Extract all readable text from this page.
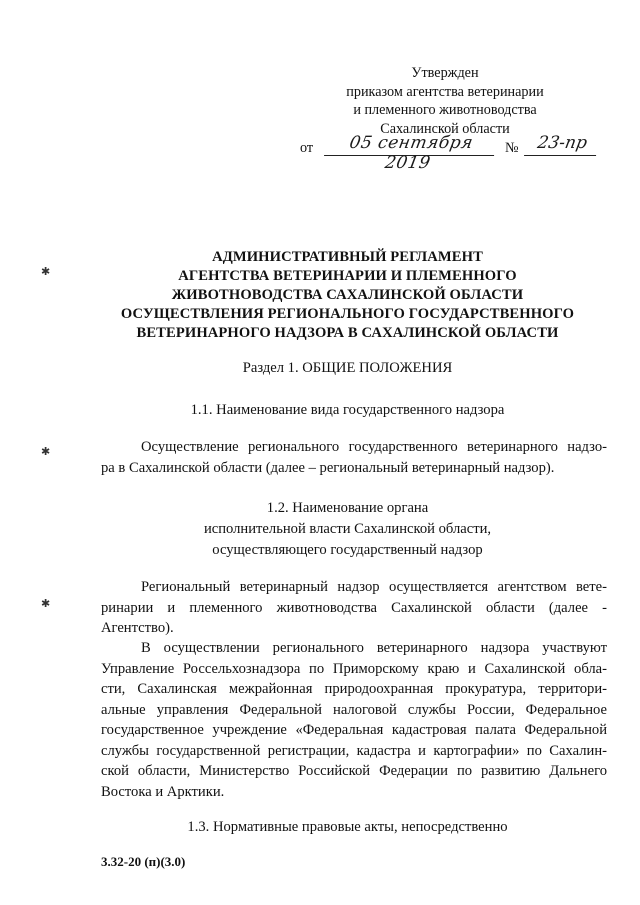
Утвержден
приказом агентства ветеринарии
и племенного животноводства
Сахалинской области
от	05 сентября 2019
№	23-пр
АДМИНИСТРАТИВНЫЙ РЕГЛАМЕНТ
АГЕНТСТВА ВЕТЕРИНАРИИ И ПЛЕМЕННОГО
ЖИВОТНОВОДСТВА САХАЛИНСКОЙ ОБЛАСТИ
ОСУЩЕСТВЛЕНИЯ РЕГИОНАЛЬНОГО ГОСУДАРСТВЕННОГО
ВЕТЕРИНАРНОГО НАДЗОРА В САХАЛИНСКОЙ ОБЛАСТИ
Раздел 1. ОБЩИЕ ПОЛОЖЕНИЯ
1.1. Наименование вида государственного надзора
Осуществление регионального государственного ветеринарного надзо-
ра в Сахалинской области (далее – региональный ветеринарный надзор).
1.2. Наименование органа
исполнительной власти Сахалинской области,
осуществляющего государственный надзор
Региональный ветеринарный надзор осуществляется агентством вете-
ринарии и племенного животноводства Сахалинской области (далее -
Агентство).
В осуществлении регионального ветеринарного надзора участвуют
Управление Россельхознадзора по Приморскому краю и Сахалинской обла-
сти, Сахалинская межрайонная природоохранная прокуратура, территори-
альные управления Федеральной налоговой службы России, Федеральное
государственное учреждение «Федеральная кадастровая палата Федеральной
службы государственной регистрации, кадастра и картографии» по Сахалин-
ской области, Министерство Российской Федерации по развитию Дальнего
Востока и Арктики.
1.3. Нормативные правовые акты, непосредственно
3.32-20 (п)(3.0)
✱
✱
✱
